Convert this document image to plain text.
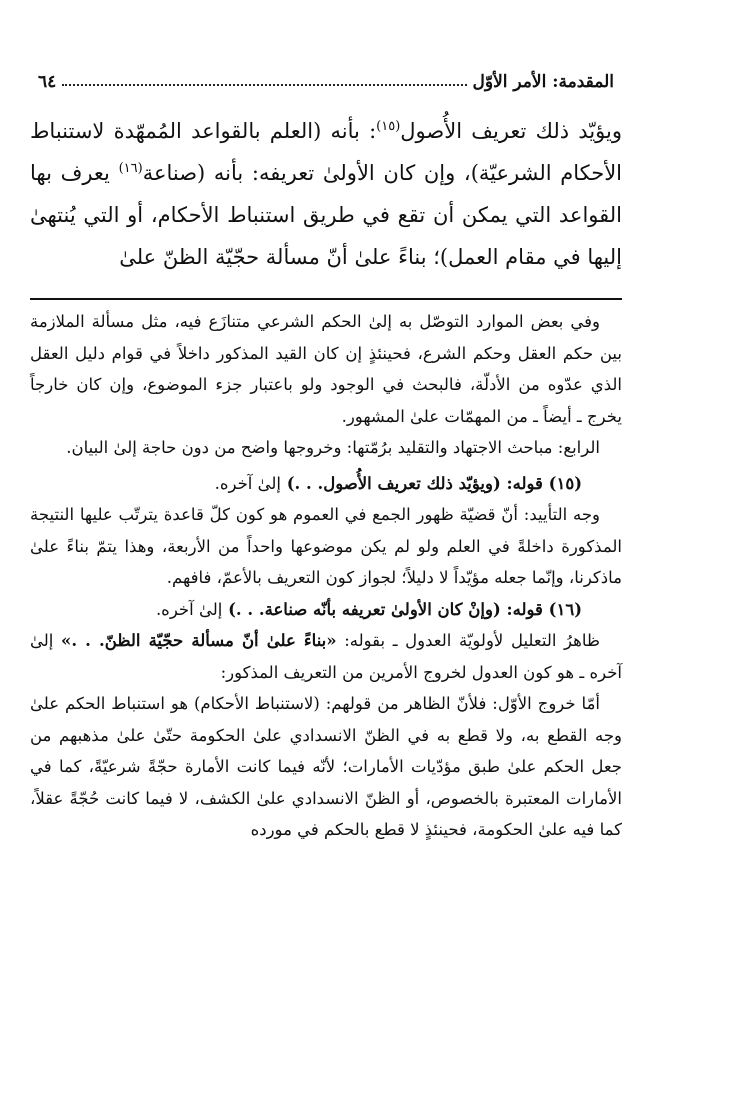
المقدمة: الأمر الأوّل
٦٤

ويؤيّد ذلك تعريف الأُصول$^{(١٥)}$: بأنه (العلم بالقواعد المُمهّدة لاستنباط الأحكام الشرعيّة)، وإن كان الأولىٰ تعريفه: بأنه (صناعة$^{(١٦)}$ يعرف بها القواعد التي يمكن أن تقع في طريق استنباط الأحكام، أو التي يُنتهىٰ إليها في مقام العمل)؛ بناءً علىٰ أنّ مسألة حجّيّة الظنّ علىٰ

وفي بعض الموارد التوصّل به إلىٰ الحكم الشرعي متنازَع فيه، مثل مسألة الملازمة بين حكم العقل وحكم الشرع، فحينئذٍ إن كان القيد المذكور داخلاً في قوام دليل العقل الذي عدّوه من الأدلّة، فالبحث في الوجود ولو باعتبار جزء الموضوع، وإن كان خارجاً يخرج ـ أيضاً ـ من المهمّات علىٰ المشهور.

الرابع: مباحث الاجتهاد والتقليد برُمّتها: وخروجها واضح من دون حاجة إلىٰ البيان.

(١٥) قوله: (ويؤيّد ذلك تعريف الأُصول. . .) إلىٰ آخره.

وجه التأييد: أنّ قضيّة ظهور الجمع في العموم هو كون كلّ قاعدة يترتّب عليها النتيجة المذكورة داخلةً في العلم ولو لم يكن موضوعها واحداً من الأربعة، وهذا يتمّ بناءً علىٰ ماذكرنا، وإنّما جعله مؤيّداً لا دليلاً؛ لجواز كون التعريف بالأعمّ، فافهم.

(١٦) قوله: (وإنْ كان الأولىٰ تعريفه بأنّه صناعة. . .) إلىٰ آخره.

ظاهرُ التعليل لأولويّة العدول ـ بقوله: «بناءً علىٰ أنّ مسألة حجّيّة الظنّ. . .» إلىٰ آخره ـ هو كون العدول لخروج الأمرين من التعريف المذكور:

أمّا خروج الأوّل: فلأنّ الظاهر من قولهم: (لاستنباط الأحكام) هو استنباط الحكم علىٰ وجه القطع به، ولا قطع به في الظنّ الانسدادي علىٰ الحكومة حتّىٰ علىٰ مذهبهم من جعل الحكم علىٰ طبق مؤدّيات الأمارات؛ لأنّه فيما كانت الأمارة حجّةً شرعيّةً، كما في الأمارات المعتبرة بالخصوص، أو الظنّ الانسدادي علىٰ الكشف، لا فيما كانت حُجّةً عقلاً، كما فيه علىٰ الحكومة، فحينئذٍ لا قطع بالحكم في مورده
